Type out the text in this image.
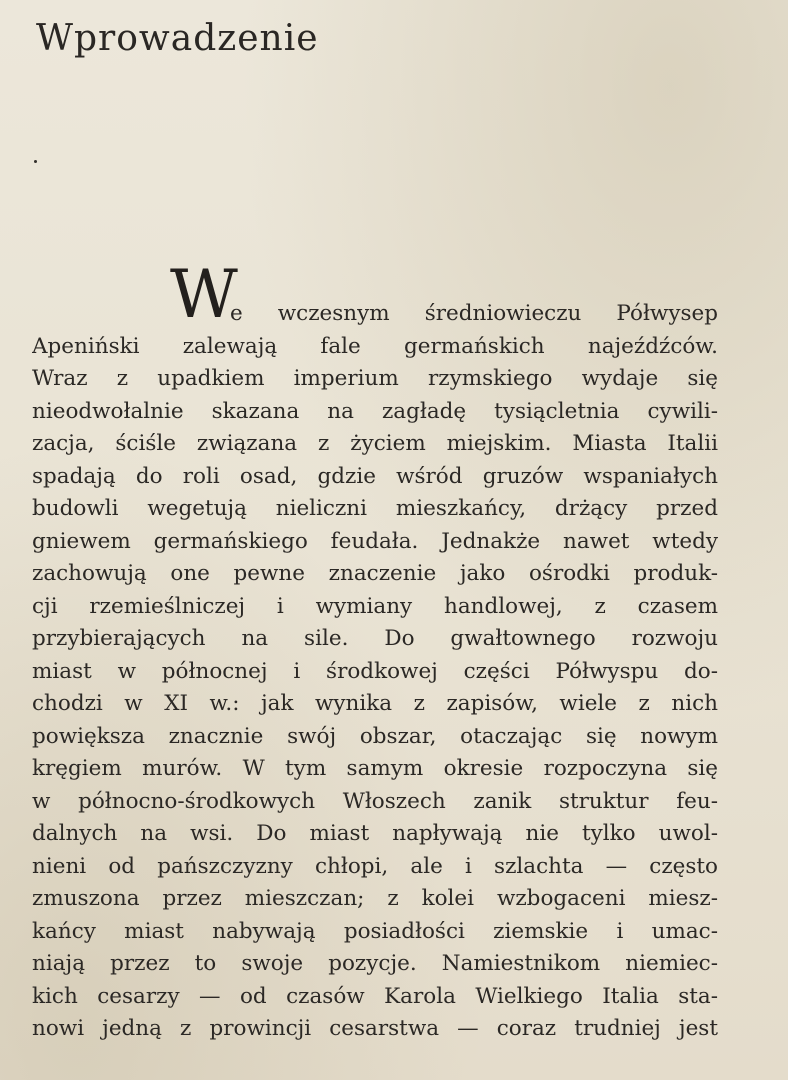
Wprowadzenie
W
e wczesnym średniowieczu Półwysep
Apeniński zalewają fale germańskich najeźdźców.
Wraz z upadkiem imperium rzymskiego wydaje się
nieodwołalnie skazana na zagładę tysiącletnia cywili-
zacja, ściśle związana z życiem miejskim. Miasta Italii
spadają do roli osad, gdzie wśród gruzów wspaniałych
budowli wegetują nieliczni mieszkańcy, drżący przed
gniewem germańskiego feudała. Jednakże nawet wtedy
zachowują one pewne znaczenie jako ośrodki produk-
cji rzemieślniczej i wymiany handlowej, z czasem
przybierających na sile. Do gwałtownego rozwoju
miast w północnej i środkowej części Półwyspu do-
chodzi w XI w.: jak wynika z zapisów, wiele z nich
powiększa znacznie swój obszar, otaczając się nowym
kręgiem murów. W tym samym okresie rozpoczyna się
w północno-środkowych Włoszech zanik struktur feu-
dalnych na wsi. Do miast napływają nie tylko uwol-
nieni od pańszczyzny chłopi, ale i szlachta — często
zmuszona przez mieszczan; z kolei wzbogaceni miesz-
kańcy miast nabywają posiadłości ziemskie i umac-
niają przez to swoje pozycje. Namiestnikom niemiec-
kich cesarzy — od czasów Karola Wielkiego Italia sta-
nowi jedną z prowincji cesarstwa — coraz trudniej jest
